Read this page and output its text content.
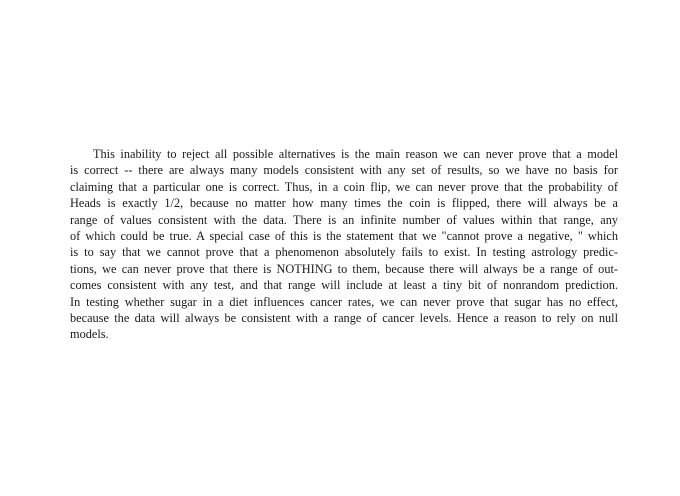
This inability to reject all possible alternatives is the main reason we can never prove that a model
is correct -- there are always many models consistent with any set of results, so we have no basis for
claiming that a particular one is correct. Thus, in a coin flip, we can never prove that the probability of
Heads is exactly 1/2, because no matter how many times the coin is flipped, there will always be a
range of values consistent with the data. There is an infinite number of values within that range, any
of which could be true. A special case of this is the statement that we "cannot prove a negative, " which
is to say that we cannot prove that a phenomenon absolutely fails to exist. In testing astrology predic-
tions, we can never prove that there is NOTHING to them, because there will always be a range of out-
comes consistent with any test, and that range will include at least a tiny bit of nonrandom prediction.
In testing whether sugar in a diet influences cancer rates, we can never prove that sugar has no effect,
because the data will always be consistent with a range of cancer levels. Hence a reason to rely on null
models.
